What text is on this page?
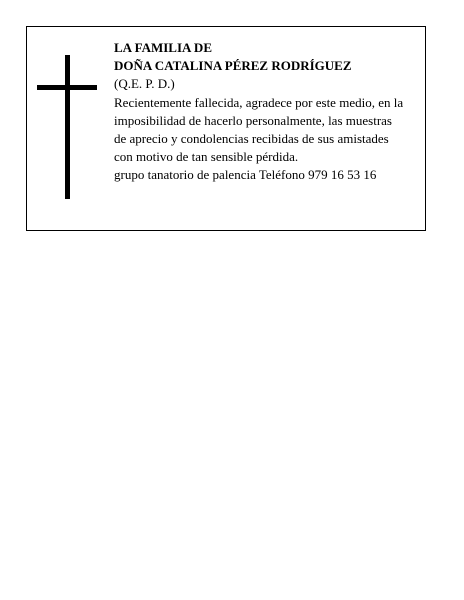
LA FAMILIA DE
DOÑA CATALINA PÉREZ RODRÍGUEZ
(Q.E. P. D.)
Recientemente fallecida, agradece por este medio, en la
imposibilidad de hacerlo personalmente, las muestras
de aprecio y condolencias recibidas de sus amistades
con motivo de tan sensible pérdida.
grupo tanatorio de palencia Teléfono 979 16 53 16
